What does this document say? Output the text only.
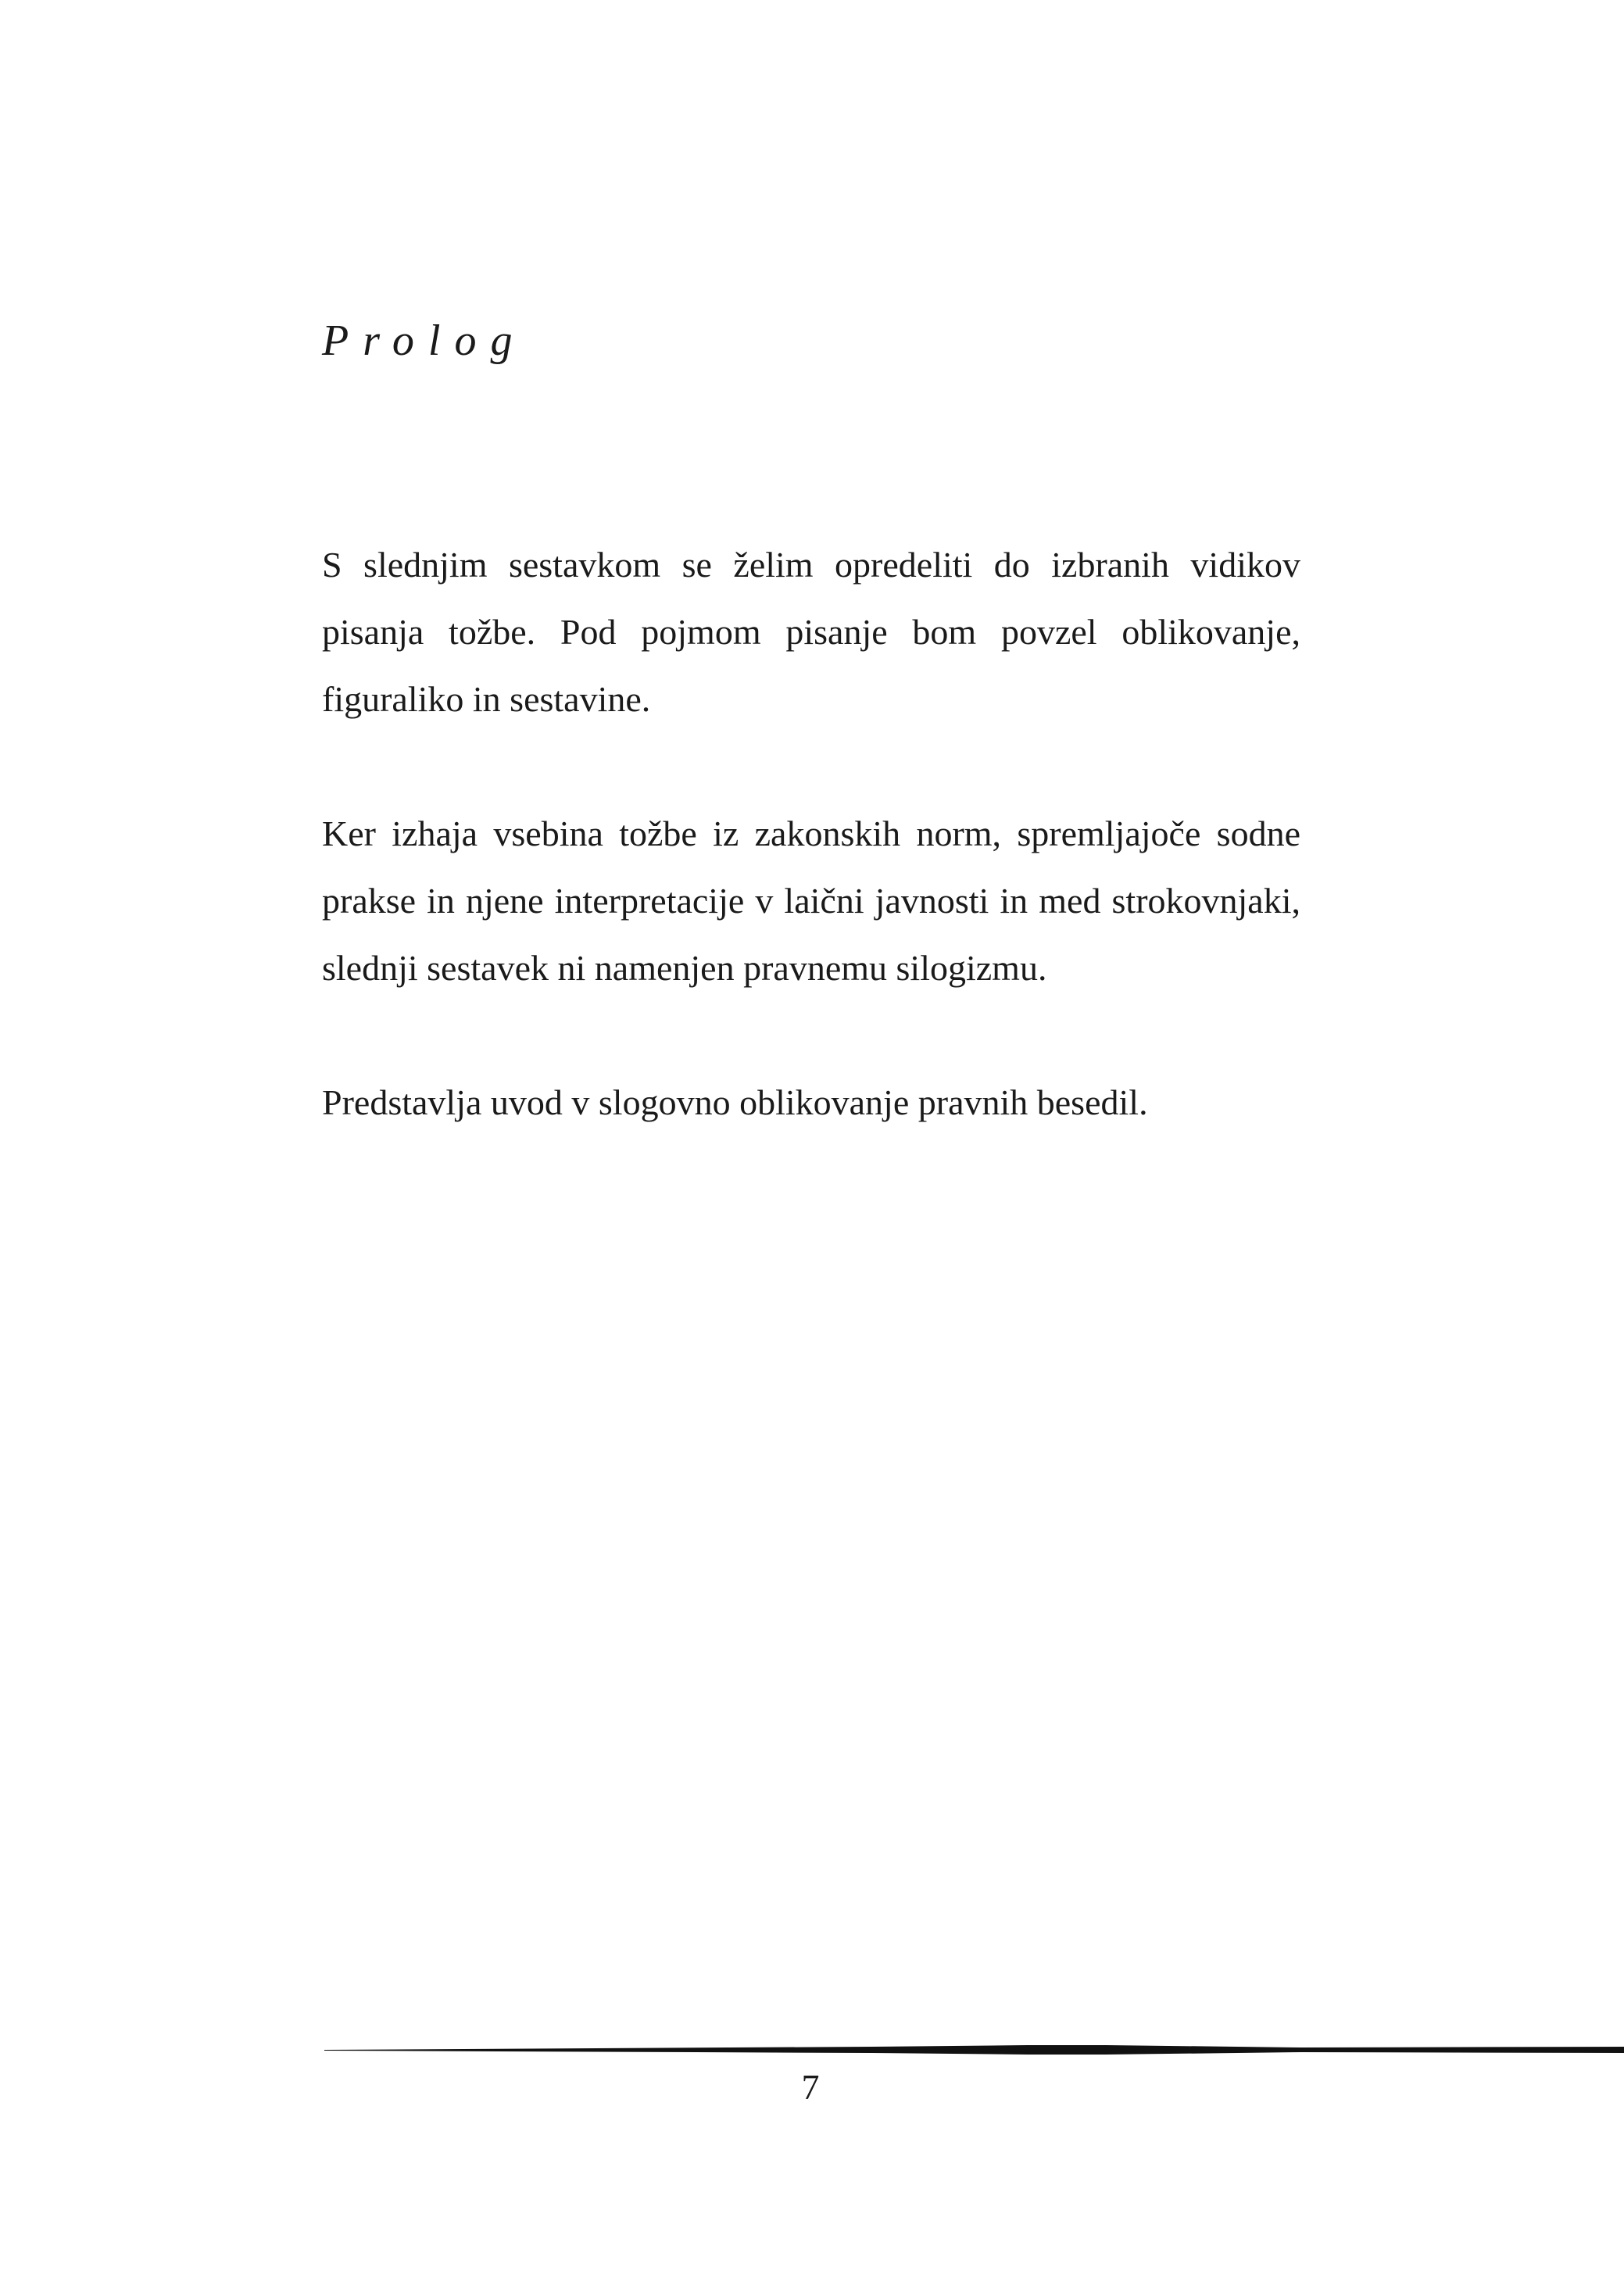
Prolog

S slednjim sestavkom se želim opredeliti do izbranih vidikov pisanja tožbe. Pod pojmom pisanje bom povzel oblikovanje, figuraliko in sestavine.

Ker izhaja vsebina tožbe iz zakonskih norm, spremljajoče sodne prakse in njene interpretacije v laični javnosti in med strokovnjaki, slednji sestavek ni namenjen pravnemu silogizmu.

Predstavlja uvod v slogovno oblikovanje pravnih besedil.

7
